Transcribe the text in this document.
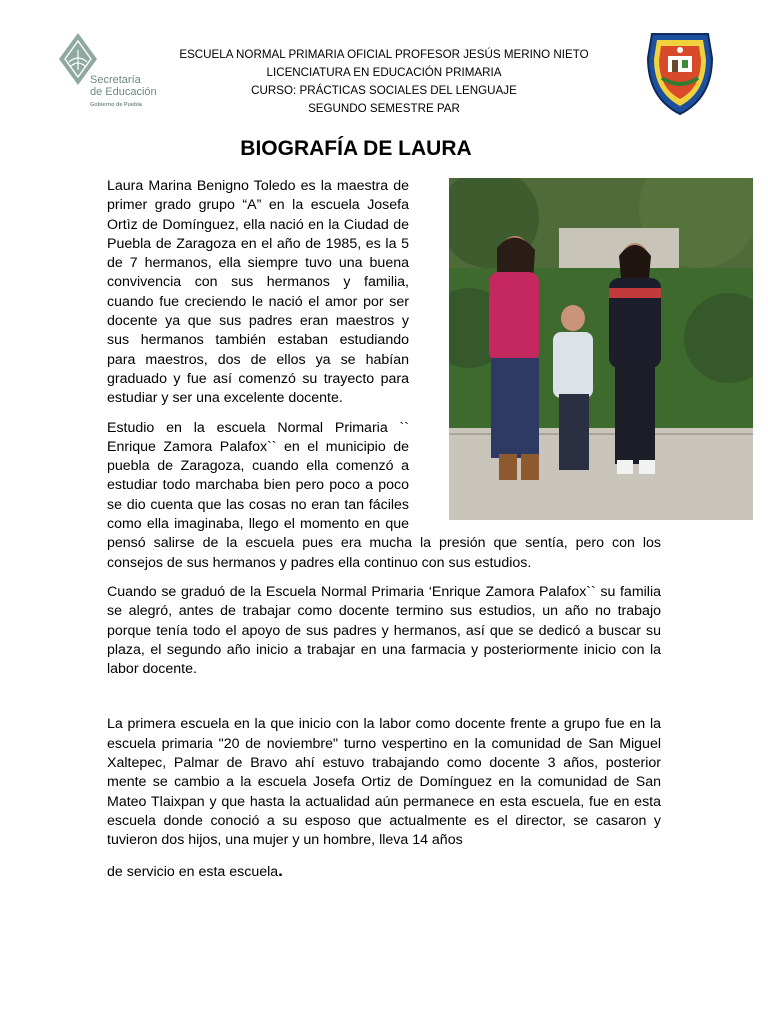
Secretaría
de Educación
Gobierno de Puebla
ESCUELA NORMAL PRIMARIA OFICIAL PROFESOR JESÚS MERINO NIETO
LICENCIATURA EN EDUCACIÓN PRIMARIA
CURSO: PRÁCTICAS SOCIALES DEL LENGUAJE
SEGUNDO SEMESTRE PAR
BIOGRAFÍA DE LAURA

Laura Marina Benigno Toledo es la maestra de primer grado grupo “A” en la escuela Josefa Ortìz de Domínguez, ella nació en la Ciudad de Puebla de Zaragoza en el año de 1985, es la 5 de 7 hermanos, ella siempre tuvo una buena convivencia con sus hermanos y familia, cuando fue creciendo le nació el amor por ser docente ya que sus padres eran maestros y sus hermanos también estaban estudiando para maestros, dos de ellos ya se habían graduado y fue así comenzó su trayecto para estudiar y ser una excelente docente.

Estudio en la escuela Normal Primaria `` Enrique Zamora Palafox`` en el municipio de puebla de Zaragoza, cuando ella comenzó a estudiar todo marchaba bien pero poco a poco se dio cuenta que las cosas no eran tan fáciles como ella imaginaba, llego el momento en que pensó salirse de la escuela pues era mucha la presión que sentía, pero con los consejos de sus hermanos y padres ella continuo con sus estudios.

Cuando se graduó de la Escuela Normal Primaria ‘Enrique Zamora Palafox`` su familia se alegró, antes de trabajar como docente termino sus estudios, un año no trabajo porque tenía todo el apoyo de sus padres y hermanos, así que se dedicó a buscar su plaza, el segundo año inicio a trabajar en una farmacia y posteriormente inicio con la labor docente.

La primera escuela en la que inicio con la labor como docente frente a grupo fue en la escuela primaria "20 de noviembre" turno vespertino en la comunidad de San Miguel Xaltepec, Palmar de Bravo ahí estuvo trabajando como docente 3 años, posterior mente se cambio a la escuela Josefa Ortiz de Domínguez en la comunidad de San Mateo Tlaixpan y que hasta la actualidad aún permanece en esta escuela, fue en esta escuela donde conoció a su esposo que actualmente es el director, se casaron y tuvieron dos hijos, una mujer y un hombre, lleva 14 años

de servicio en esta escuela.
